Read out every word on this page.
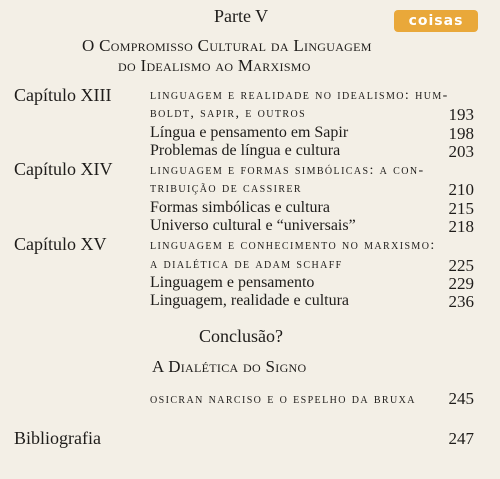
coisas
Parte V
O Compromisso Cultural da Linguagem
do Idealismo ao Marxismo
Capítulo XIII	linguagem e realidade no idealismo: hum-
boldt, sapir, e outros	193
Língua e pensamento em Sapir	198
Problemas de língua e cultura	203
Capítulo XIV	linguagem e formas simbólicas: a con-
tribuição de cassirer	210
Formas simbólicas e cultura	215
Universo cultural e “universais”	218
Capítulo XV	linguagem e conhecimento no marxismo:
a dialética de adam schaff	225
Linguagem e pensamento	229
Linguagem, realidade e cultura	236
Conclusão?
A Dialética do Signo
osicran narciso e o espelho da bruxa 245
Bibliografia	247
